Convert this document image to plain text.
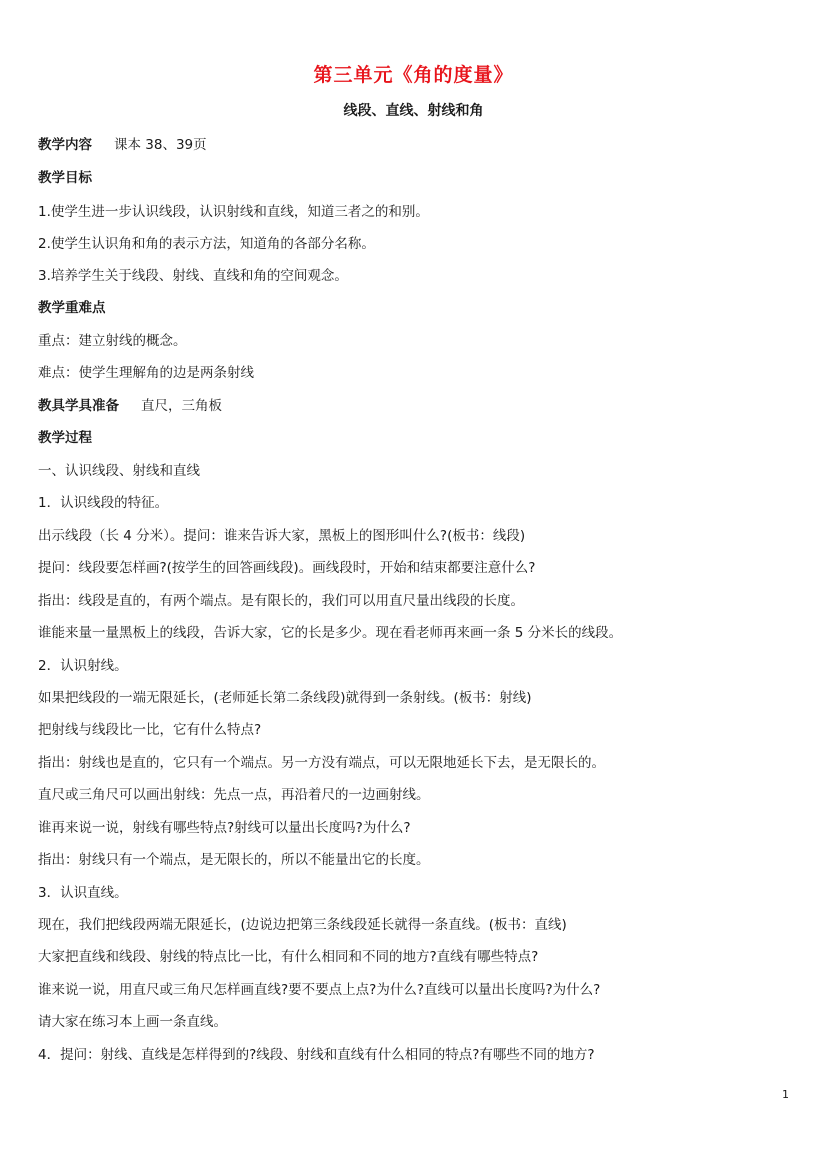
第三单元《角的度量》
线段、直线、射线和角
教学内容 课本 38、39页
教学目标
1.使学生进一步认识线段，认识射线和直线，知道三者之的和别。
2.使学生认识角和角的表示方法，知道角的各部分名称。
3.培养学生关于线段、射线、直线和角的空间观念。
教学重难点
重点：建立射线的概念。
难点：使学生理解角的边是两条射线
教具学具准备 直尺，三角板
教学过程
一、认识线段、射线和直线
1．认识线段的特征。
出示线段（长 4 分米）。提问：谁来告诉大家，黑板上的图形叫什么?(板书：线段)
提问：线段要怎样画?(按学生的回答画线段)。画线段时，开始和结束都要注意什么?
指出：线段是直的，有两个端点。是有限长的，我们可以用直尺量出线段的长度。
谁能来量一量黑板上的线段，告诉大家，它的长是多少。现在看老师再来画一条 5 分米长的线段。
2．认识射线。
如果把线段的一端无限延长，(老师延长第二条线段)就得到一条射线。(板书：射线)
把射线与线段比一比，它有什么特点?
指出：射线也是直的，它只有一个端点。另一方没有端点，可以无限地延长下去，是无限长的。
直尺或三角尺可以画出射线：先点一点，再沿着尺的一边画射线。
谁再来说一说，射线有哪些特点?射线可以量出长度吗?为什么?
指出：射线只有一个端点，是无限长的，所以不能量出它的长度。
3．认识直线。
现在，我们把线段两端无限延长，(边说边把第三条线段延长就得一条直线。(板书：直线)
大家把直线和线段、射线的特点比一比，有什么相同和不同的地方?直线有哪些特点?
谁来说一说，用直尺或三角尺怎样画直线?要不要点上点?为什么?直线可以量出长度吗?为什么?
请大家在练习本上画一条直线。
4．提问：射线、直线是怎样得到的?线段、射线和直线有什么相同的特点?有哪些不同的地方?
1
